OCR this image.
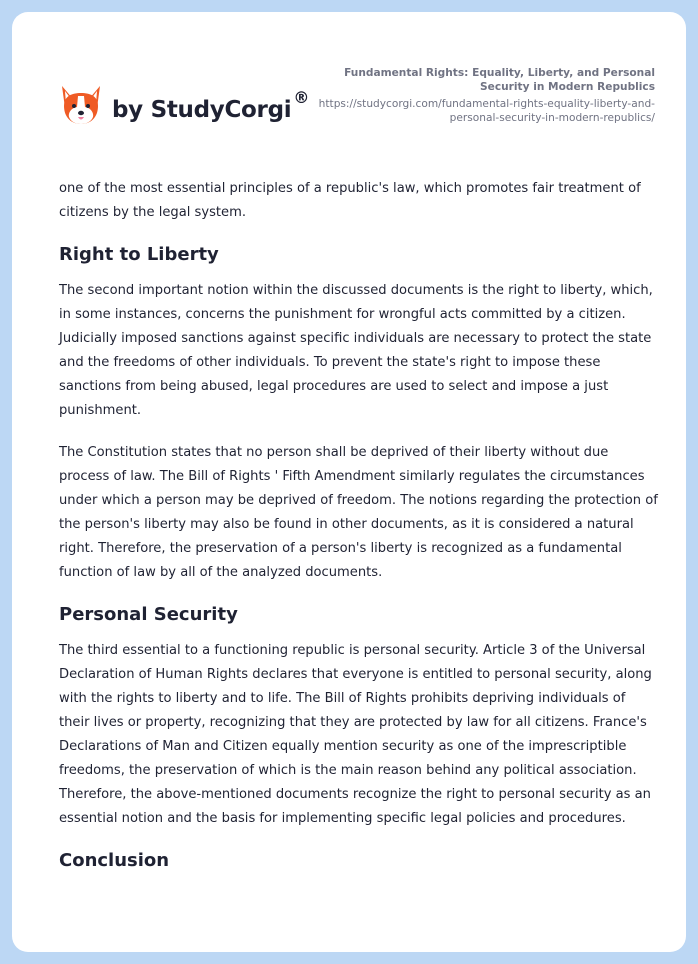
by StudyCorgi ®

Fundamental Rights: Equality, Liberty, and Personal Security in Modern Republics

https://studycorgi.com/fundamental-rights-equality-liberty-and-personal-security-in-modern-republics/

one of the most essential principles of a republic's law, which promotes fair treatment of citizens by the legal system.

Right to Liberty

The second important notion within the discussed documents is the right to liberty, which, in some instances, concerns the punishment for wrongful acts committed by a citizen. Judicially imposed sanctions against specific individuals are necessary to protect the state and the freedoms of other individuals. To prevent the state's right to impose these sanctions from being abused, legal procedures are used to select and impose a just punishment.

The Constitution states that no person shall be deprived of their liberty without due process of law. The Bill of Rights ' Fifth Amendment similarly regulates the circumstances under which a person may be deprived of freedom. The notions regarding the protection of the person's liberty may also be found in other documents, as it is considered a natural right. Therefore, the preservation of a person's liberty is recognized as a fundamental function of law by all of the analyzed documents.

Personal Security

The third essential to a functioning republic is personal security. Article 3 of the Universal Declaration of Human Rights declares that everyone is entitled to personal security, along with the rights to liberty and to life. The Bill of Rights prohibits depriving individuals of their lives or property, recognizing that they are protected by law for all citizens. France's Declarations of Man and Citizen equally mention security as one of the imprescriptible freedoms, the preservation of which is the main reason behind any political association. Therefore, the above-mentioned documents recognize the right to personal security as an essential notion and the basis for implementing specific legal policies and procedures.

Conclusion
